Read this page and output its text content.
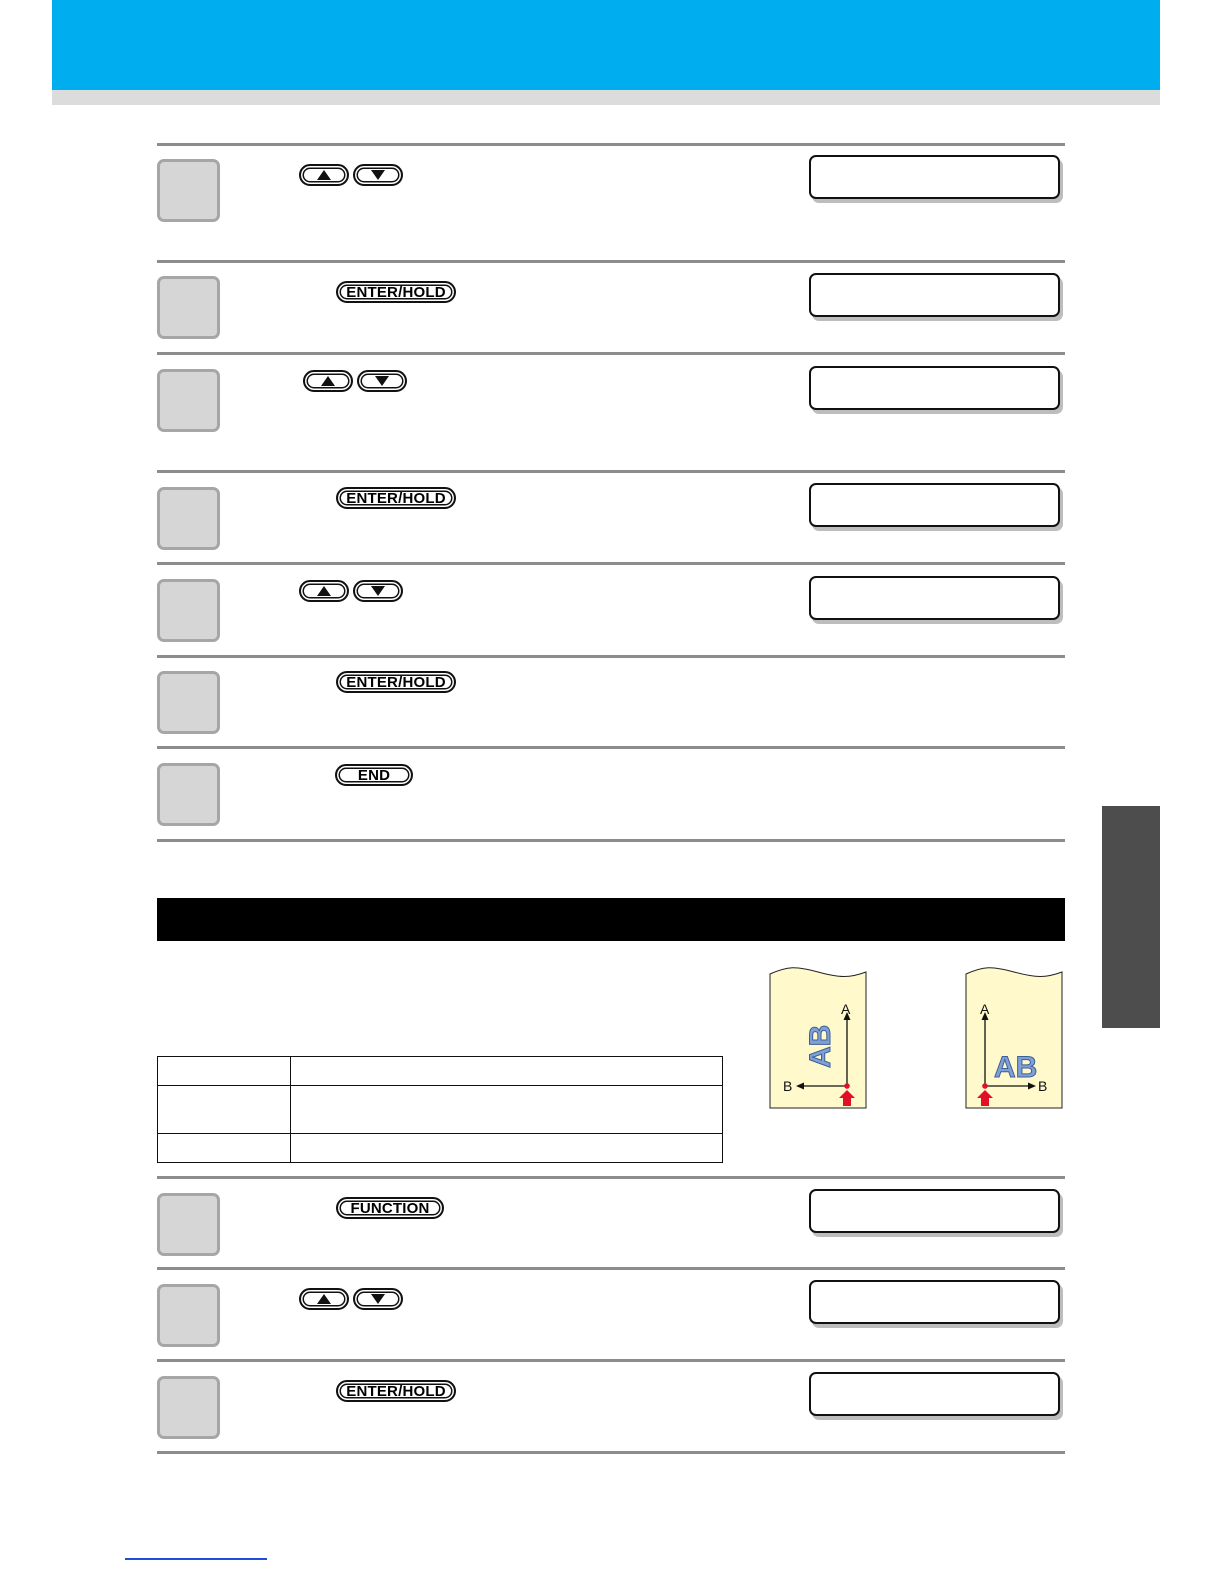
ENTER/HOLD
ENTER/HOLD
ENTER/HOLD
END

AB
A
B
AB
A
B
FUNCTION
ENTER/HOLD
